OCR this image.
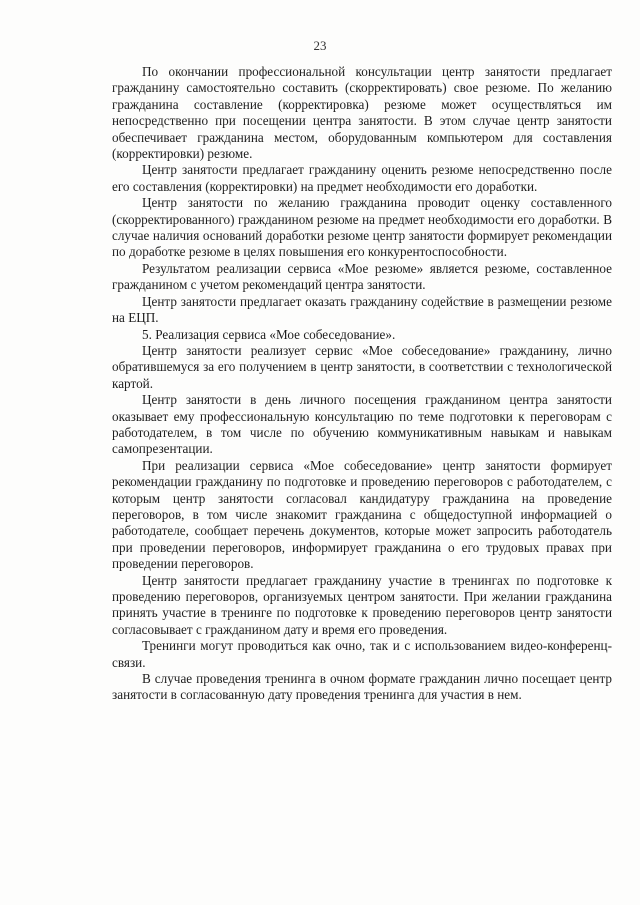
23

По окончании профессиональной консультации центр занятости предлагает гражданину самостоятельно составить (скорректировать) свое резюме. По желанию гражданина составление (корректировка) резюме может осуществляться им непосредственно при посещении центра занятости. В этом случае центр занятости обеспечивает гражданина местом, оборудованным компьютером для составления (корректировки) резюме.

Центр занятости предлагает гражданину оценить резюме непосредственно после его составления (корректировки) на предмет необходимости его доработки.

Центр занятости по желанию гражданина проводит оценку составленного (скорректированного) гражданином резюме на предмет необходимости его доработки. В случае наличия оснований доработки резюме центр занятости формирует рекомендации по доработке резюме в целях повышения его конкурентоспособности.

Результатом реализации сервиса «Мое резюме» является резюме, составленное гражданином с учетом рекомендаций центра занятости.

Центр занятости предлагает оказать гражданину содействие в размещении резюме на ЕЦП.

5. Реализация сервиса «Мое собеседование».

Центр занятости реализует сервис «Мое собеседование» гражданину, лично обратившемуся за его получением в центр занятости, в соответствии с технологической картой.

Центр занятости в день личного посещения гражданином центра занятости оказывает ему профессиональную консультацию по теме подготовки к переговорам с работодателем, в том числе по обучению коммуникативным навыкам и навыкам самопрезентации.

При реализации сервиса «Мое собеседование» центр занятости формирует рекомендации гражданину по подготовке и проведению переговоров с работодателем, с которым центр занятости согласовал кандидатуру гражданина на проведение переговоров, в том числе знакомит гражданина с общедоступной информацией о работодателе, сообщает перечень документов, которые может запросить работодатель при проведении переговоров, информирует гражданина о его трудовых правах при проведении переговоров.

Центр занятости предлагает гражданину участие в тренингах по подготовке к проведению переговоров, организуемых центром занятости. При желании гражданина принять участие в тренинге по подготовке к проведению переговоров центр занятости согласовывает с гражданином дату и время его проведения.

Тренинги могут проводиться как очно, так и с использованием видео-конференц-связи.

В случае проведения тренинга в очном формате гражданин лично посещает центр занятости в согласованную дату проведения тренинга для участия в нем.
